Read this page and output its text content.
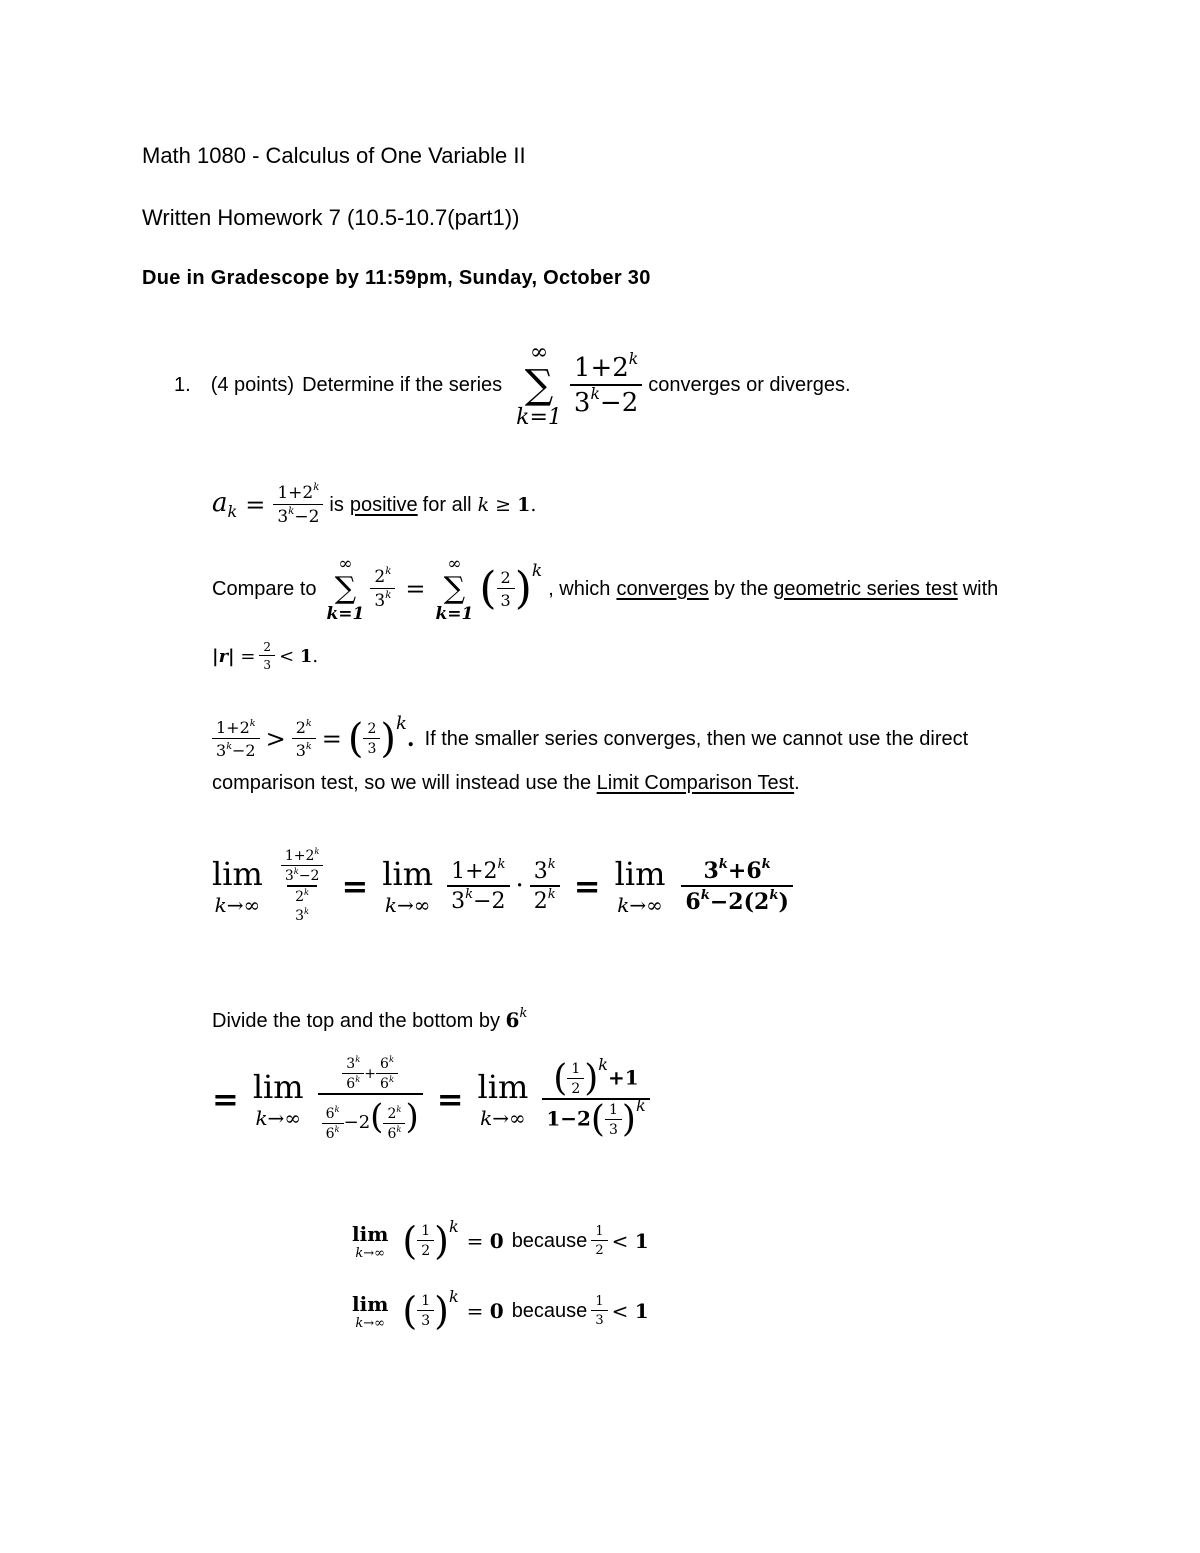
Math 1080 - Calculus of One Variable II
Written Homework 7 (10.5-10.7(part1))
Due in Gradescope by 11:59pm, Sunday, October 30
1. (4 points) Determine if the series
∞
∑
$k=1 \frac{1+2^k}{3^k-2}$ converges or diverges.
$a_k = \frac{1+2^k}{3^k-2}$ is positive for all k ≥ 1.
Compare to
∞
∑
k=1
$\frac{2^k}{3^k}$ =
∞
∑
k=1 ( $\frac{2}{3}$ ) k
, which converges by the geometric series test with
$|r| = \frac{2}{3} < 1$.
$\frac{1+2^k}{3^k-2} > \frac{2^k}{3^k}$ = ( $\frac{2}{3}$ ) k
. If the smaller series converges, then we cannot use the direct
comparison test, so we will instead use the Limit Comparison Test.
lim
$k\to\infty \frac{1+2^k}{3^k-2}$
2$^k$
$3^k = \lim$
$k\to\infty \frac{1+2^k}{3^k-2} \cdot \frac{3^k}{2^k} = \lim$
$k\to\infty \frac{3^k+6^k}{6^k-2(2^k)}$
Divide the top and the bottom by $6^k$
= lim
$k\to\infty \frac{\frac{3^k}{6^k} + \frac{6^k}{6^k}}{\frac{6^k}{6^k} -2( \frac{2^k}{6^k} )} = \lim$
k→∞ ( $\frac{1}{2}$ ) k
+1
1−2 ( $\frac{1}{3}$ ) k
lim
k→∞ ( $\frac{1}{2}$ ) k
= 0 because $\frac{1}{2} < 1$
lim
k→∞ ( $\frac{1}{3}$ ) k
= 0 because $\frac{1}{3} < 1$
